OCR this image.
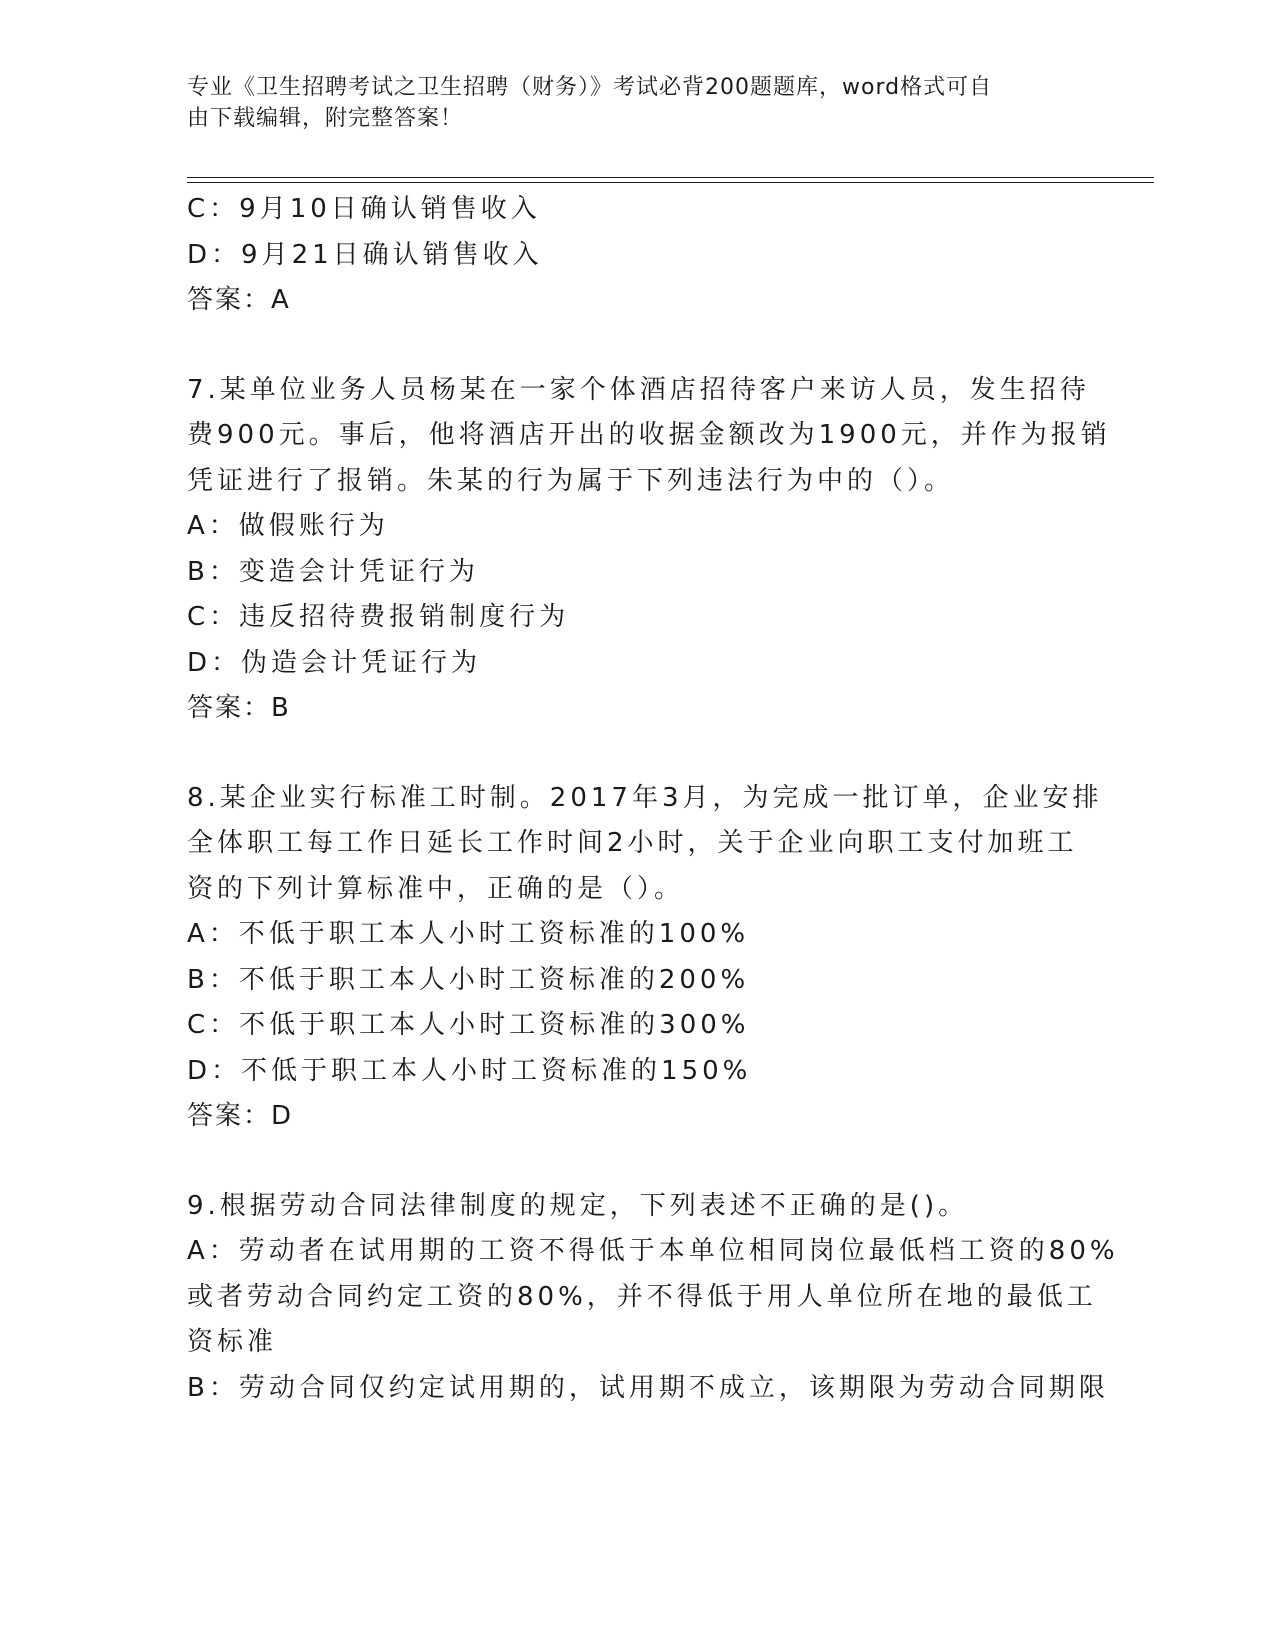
专业《卫生招聘考试之卫生招聘（财务）》考试必背200题题库，word格式可自
由下载编辑，附完整答案！
C：9月10日确认销售收入
D：9月21日确认销售收入
答案：A
7.某单位业务人员杨某在一家个体酒店招待客户来访人员，发生招待
费900元。事后，他将酒店开出的收据金额改为1900元，并作为报销
凭证进行了报销。朱某的行为属于下列违法行为中的（）。
A：做假账行为
B：变造会计凭证行为
C：违反招待费报销制度行为
D：伪造会计凭证行为
答案：B
8.某企业实行标准工时制。2017年3月，为完成一批订单，企业安排
全体职工每工作日延长工作时间2小时，关于企业向职工支付加班工
资的下列计算标准中，正确的是（）。
A：不低于职工本人小时工资标准的100%
B：不低于职工本人小时工资标准的200%
C：不低于职工本人小时工资标准的300%
D：不低于职工本人小时工资标准的150%
答案：D
9.根据劳动合同法律制度的规定，下列表述不正确的是()。
A：劳动者在试用期的工资不得低于本单位相同岗位最低档工资的80%
或者劳动合同约定工资的80%，并不得低于用人单位所在地的最低工
资标准
B：劳动合同仅约定试用期的，试用期不成立，该期限为劳动合同期限
